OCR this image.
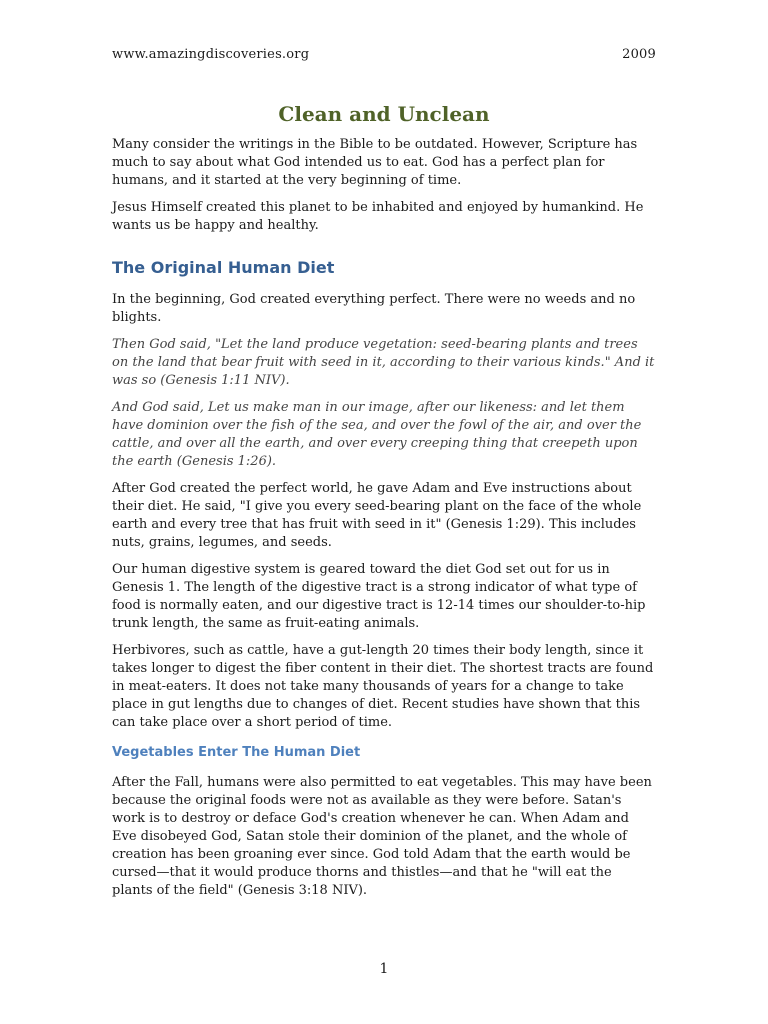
www.amazingdiscoveries.org	2009
Clean and Unclean

Many consider the writings in the Bible to be outdated. However, Scripture has much to say about what God intended us to eat. God has a perfect plan for humans, and it started at the very beginning of time.

Jesus Himself created this planet to be inhabited and enjoyed by humankind. He wants us be happy and healthy.

The Original Human Diet

In the beginning, God created everything perfect. There were no weeds and no blights.

Then God said, "Let the land produce vegetation: seed-bearing plants and trees on the land that bear fruit with seed in it, according to their various kinds." And it was so (Genesis 1:11 NIV).

And God said, Let us make man in our image, after our likeness: and let them have dominion over the fish of the sea, and over the fowl of the air, and over the cattle, and over all the earth, and over every creeping thing that creepeth upon the earth (Genesis 1:26).

After God created the perfect world, he gave Adam and Eve instructions about their diet. He said, "I give you every seed-bearing plant on the face of the whole earth and every tree that has fruit with seed in it" (Genesis 1:29). This includes nuts, grains, legumes, and seeds.

Our human digestive system is geared toward the diet God set out for us in Genesis 1. The length of the digestive tract is a strong indicator of what type of food is normally eaten, and our digestive tract is 12-14 times our shoulder-to-hip trunk length, the same as fruit-eating animals.

Herbivores, such as cattle, have a gut-length 20 times their body length, since it takes longer to digest the fiber content in their diet. The shortest tracts are found in meat-eaters. It does not take many thousands of years for a change to take place in gut lengths due to changes of diet. Recent studies have shown that this can take place over a short period of time.

Vegetables Enter The Human Diet

After the Fall, humans were also permitted to eat vegetables. This may have been because the original foods were not as available as they were before. Satan's work is to destroy or deface God's creation whenever he can. When Adam and Eve disobeyed God, Satan stole their dominion of the planet, and the whole of creation has been groaning ever since. God told Adam that the earth would be cursed—that it would produce thorns and thistles—and that he "will eat the plants of the field" (Genesis 3:18 NIV).

1
